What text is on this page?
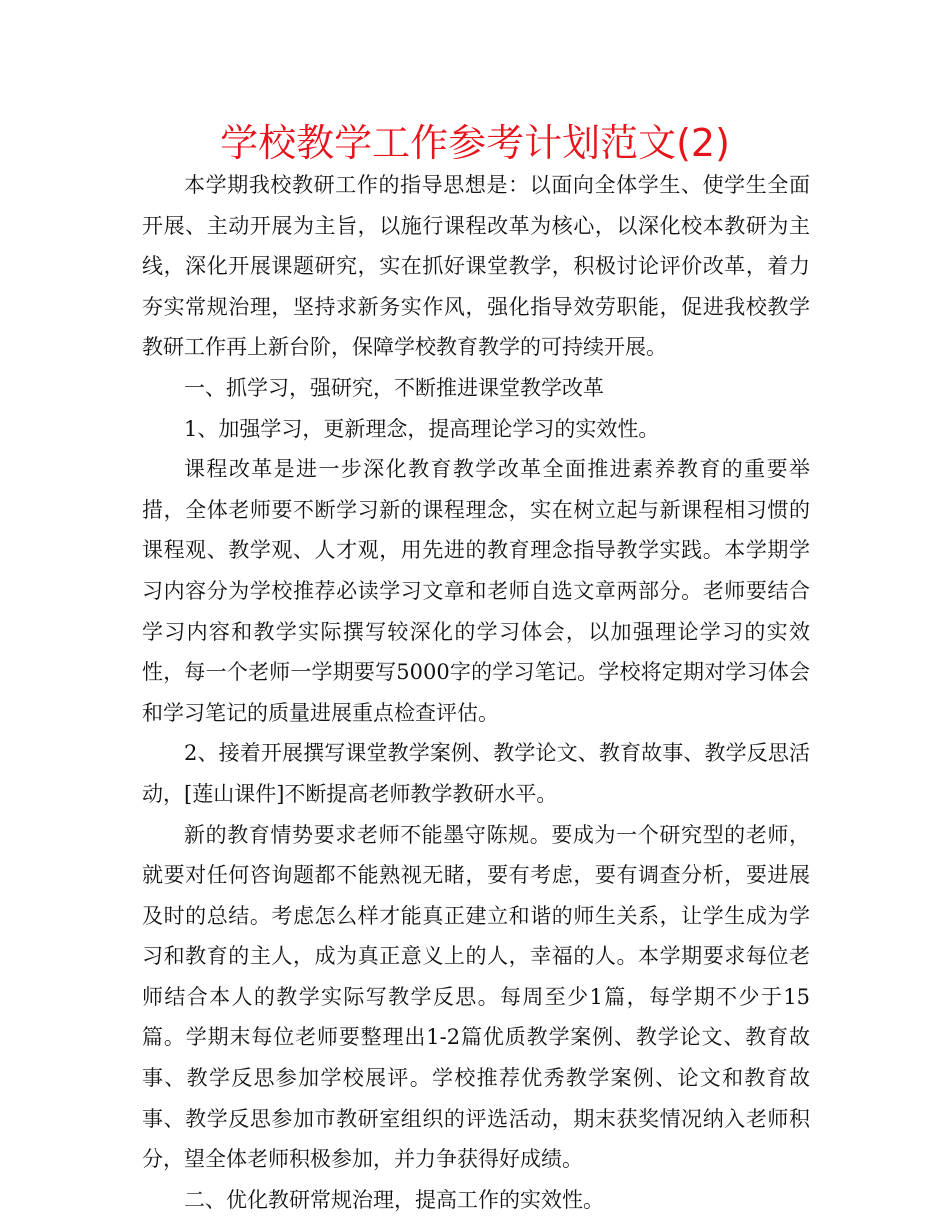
学校教学工作参考计划范文(2)

本学期我校教研工作的指导思想是：以面向全体学生、使学生全面开展、主动开展为主旨，以施行课程改革为核心，以深化校本教研为主线，深化开展课题研究，实在抓好课堂教学，积极讨论评价改革，着力夯实常规治理，坚持求新务实作风，强化指导效劳职能，促进我校教学教研工作再上新台阶，保障学校教育教学的可持续开展。

一、抓学习，强研究，不断推进课堂教学改革

1、加强学习，更新理念，提高理论学习的实效性。

课程改革是进一步深化教育教学改革全面推进素养教育的重要举措，全体老师要不断学习新的课程理念，实在树立起与新课程相习惯的课程观、教学观、人才观，用先进的教育理念指导教学实践。本学期学习内容分为学校推荐必读学习文章和老师自选文章两部分。老师要结合学习内容和教学实际撰写较深化的学习体会，以加强理论学习的实效性，每一个老师一学期要写5000字的学习笔记。学校将定期对学习体会和学习笔记的质量进展重点检查评估。

2、接着开展撰写课堂教学案例、教学论文、教育故事、教学反思活动，[莲山课件]不断提高老师教学教研水平。

新的教育情势要求老师不能墨守陈规。要成为一个研究型的老师，就要对任何咨询题都不能熟视无睹，要有考虑，要有调查分析，要进展及时的总结。考虑怎么样才能真正建立和谐的师生关系，让学生成为学习和教育的主人，成为真正意义上的人，幸福的人。本学期要求每位老师结合本人的教学实际写教学反思。每周至少1篇，每学期不少于15篇。学期末每位老师要整理出1-2篇优质教学案例、教学论文、教育故事、教学反思参加学校展评。学校推荐优秀教学案例、论文和教育故事、教学反思参加市教研室组织的评选活动，期末获奖情况纳入老师积分，望全体老师积极参加，并力争获得好成绩。

二、优化教研常规治理，提高工作的实效性。
